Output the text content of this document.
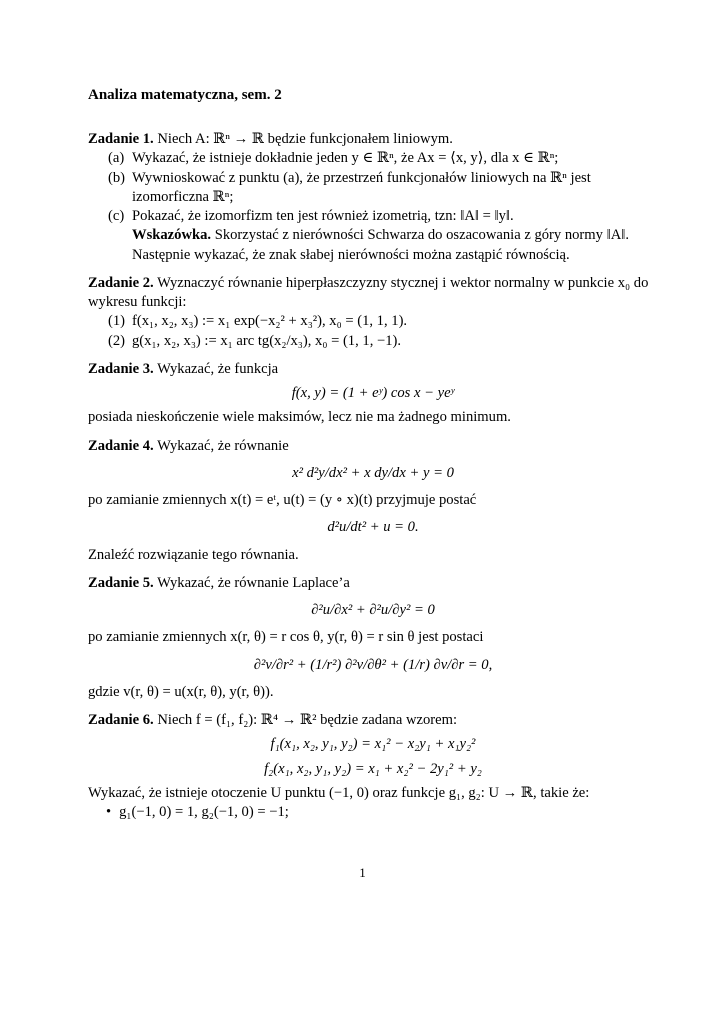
Analiza matematyczna, sem. 2
Zadanie 1. Niech A: ℝⁿ → ℝ będzie funkcjonałem liniowym.
(a) Wykazać, że istnieje dokładnie jeden y ∈ ℝⁿ, że Ax = ⟨x, y⟩, dla x ∈ ℝⁿ;
(b) Wywnioskować z punktu (a), że przestrzeń funkcjonałów liniowych na ℝⁿ jest izomorficzna ℝⁿ;
(c) Pokazać, że izomorfizm ten jest również izometrią, tzn: ‖A‖ = ‖y‖.
Wskazówka. Skorzystać z nierówności Schwarza do oszacowania z góry normy ‖A‖. Następnie wykazać, że znak słabej nierówności można zastąpić równością.
Zadanie 2. Wyznaczyć równanie hiperpłaszczyzny stycznej i wektor normalny w punkcie x₀ do wykresu funkcji:
(1) f(x₁, x₂, x₃) := x₁ exp(−x₂² + x₃²), x₀ = (1, 1, 1).
(2) g(x₁, x₂, x₃) := x₁ arc tg(x₂/x₃), x₀ = (1, 1, −1).
Zadanie 3. Wykazać, że funkcja
f(x, y) = (1 + eʸ) cos x − yeʸ
posiada nieskończenie wiele maksimów, lecz nie ma żadnego minimum.
Zadanie 4. Wykazać, że równanie
x² d²y/dx² + x dy/dx + y = 0
po zamianie zmiennych x(t) = eᵗ, u(t) = (y ∘ x)(t) przyjmuje postać
d²u/dt² + u = 0.
Znaleźć rozwiązanie tego równania.
Zadanie 5. Wykazać, że równanie Laplace’a
∂²u/∂x² + ∂²u/∂y² = 0
po zamianie zmiennych x(r, θ) = r cos θ, y(r, θ) = r sin θ jest postaci
∂²v/∂r² + (1/r²) ∂²v/∂θ² + (1/r) ∂v/∂r = 0,
gdzie v(r, θ) = u(x(r, θ), y(r, θ)).
Zadanie 6. Niech f = (f₁, f₂): ℝ⁴ → ℝ² będzie zadana wzorem:
f₁(x₁, x₂, y₁, y₂) = x₁² − x₂y₁ + x₁y₂²
f₂(x₁, x₂, y₁, y₂) = x₁ + x₂² − 2y₁² + y₂
Wykazać, że istnieje otoczenie U punktu (−1, 0) oraz funkcje g₁, g₂: U → ℝ, takie że:
• g₁(−1, 0) = 1, g₂(−1, 0) = −1;
1
